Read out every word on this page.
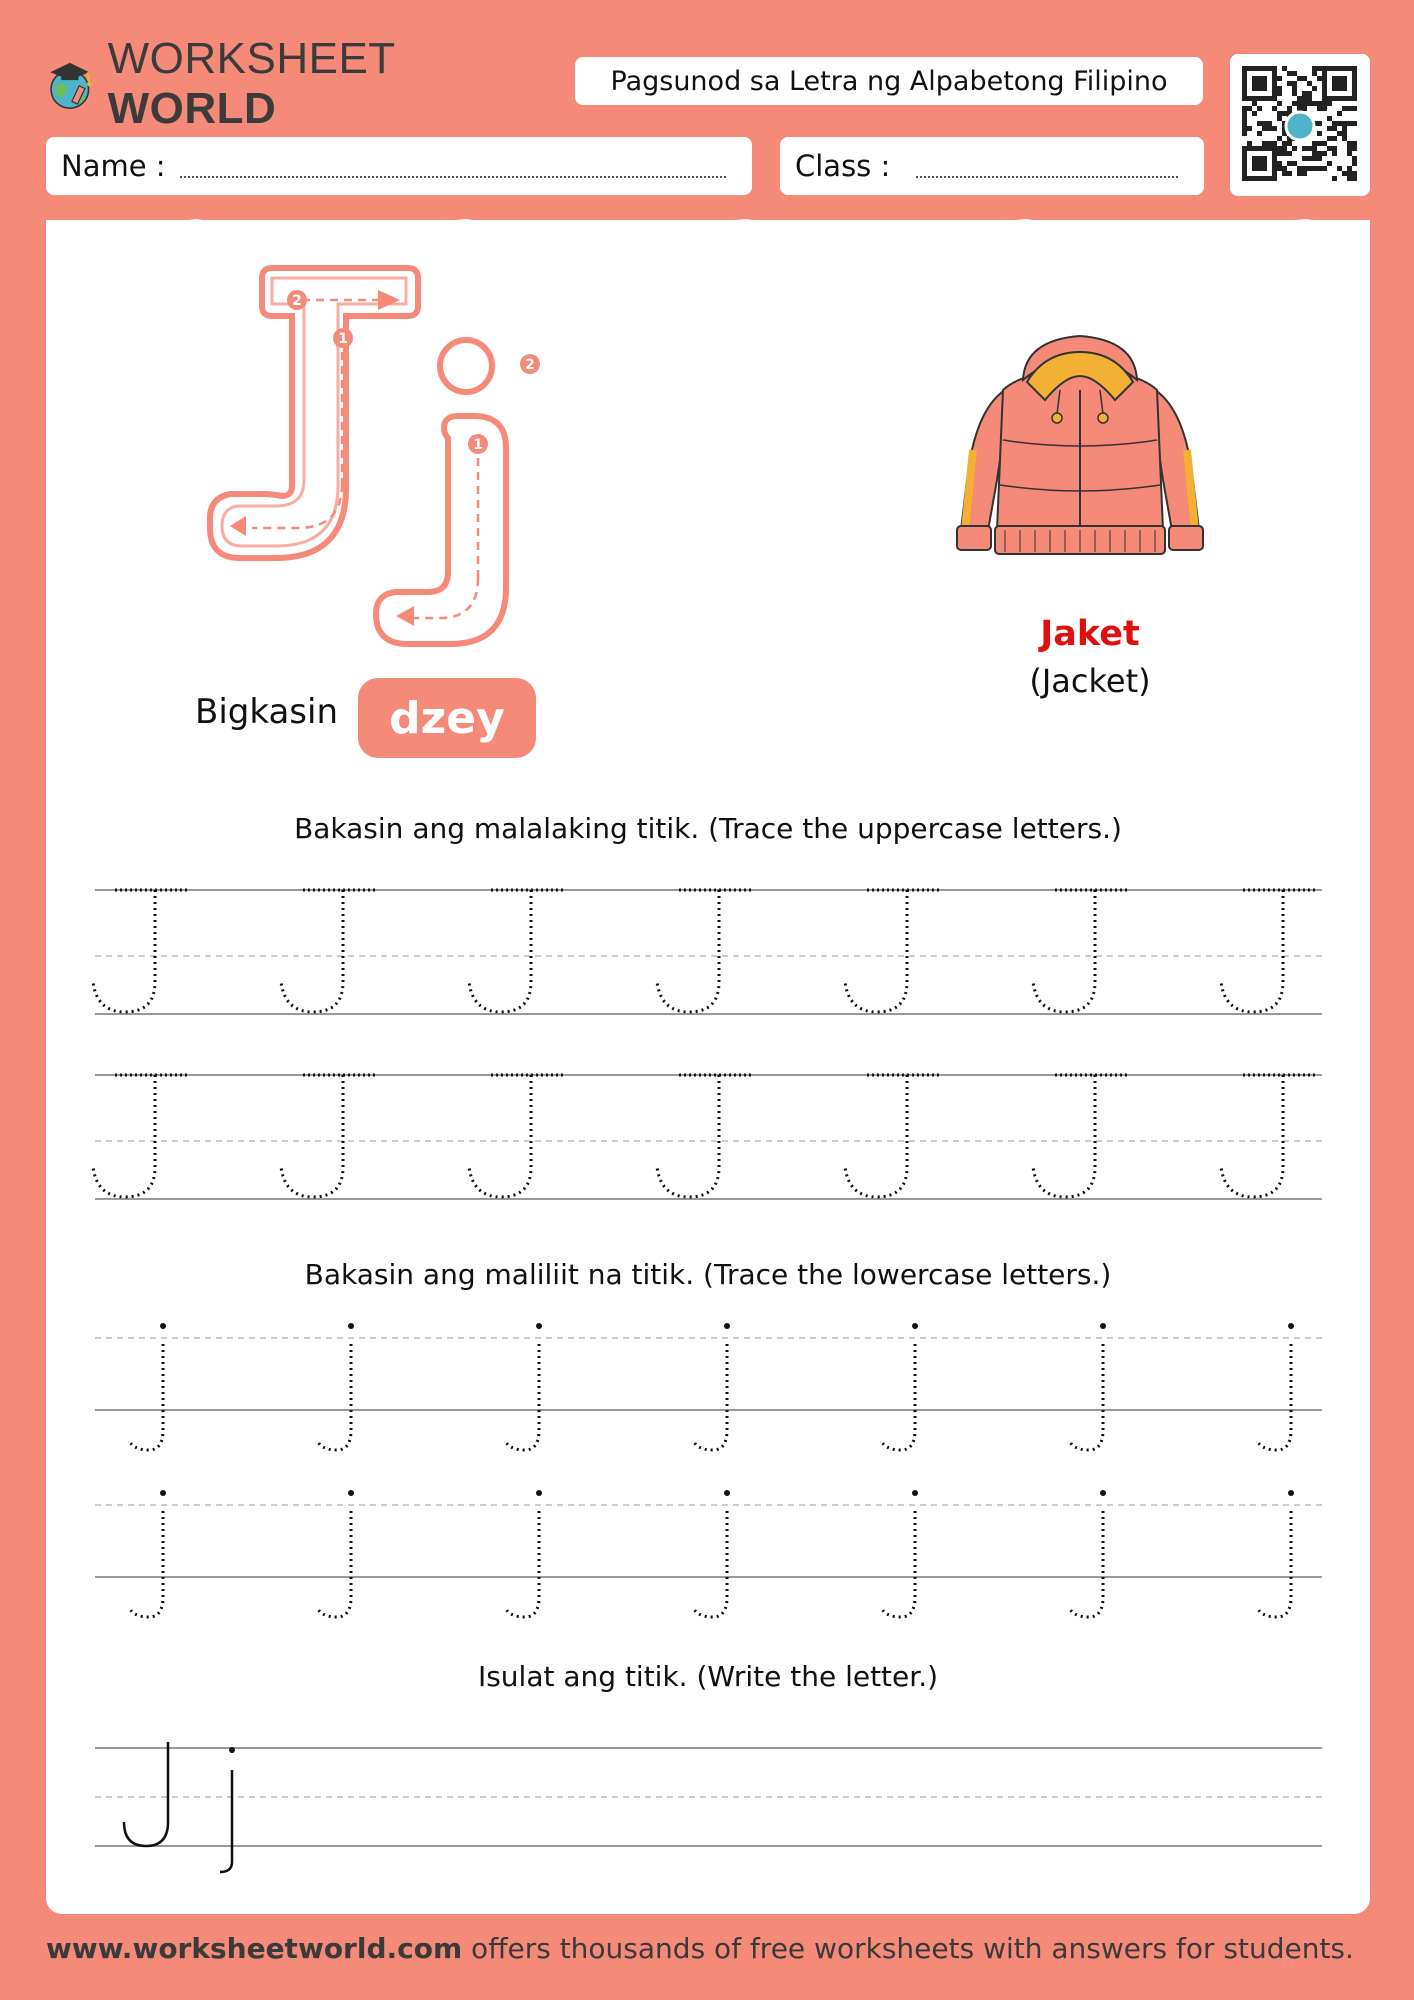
WORKSHEET WORLD
Pagsunod sa Letra ng Alpabetong Filipino
Name :	Class :
2
1
1
2
Bigkasin	dzey
Jaket
(Jacket)
Bakasin ang malalaking titik. (Trace the uppercase letters.)
Bakasin ang maliliit na titik. (Trace the lowercase letters.)
Isulat ang titik. (Write the letter.)
www.worksheetworld.com offers thousands of free worksheets with answers for students.
